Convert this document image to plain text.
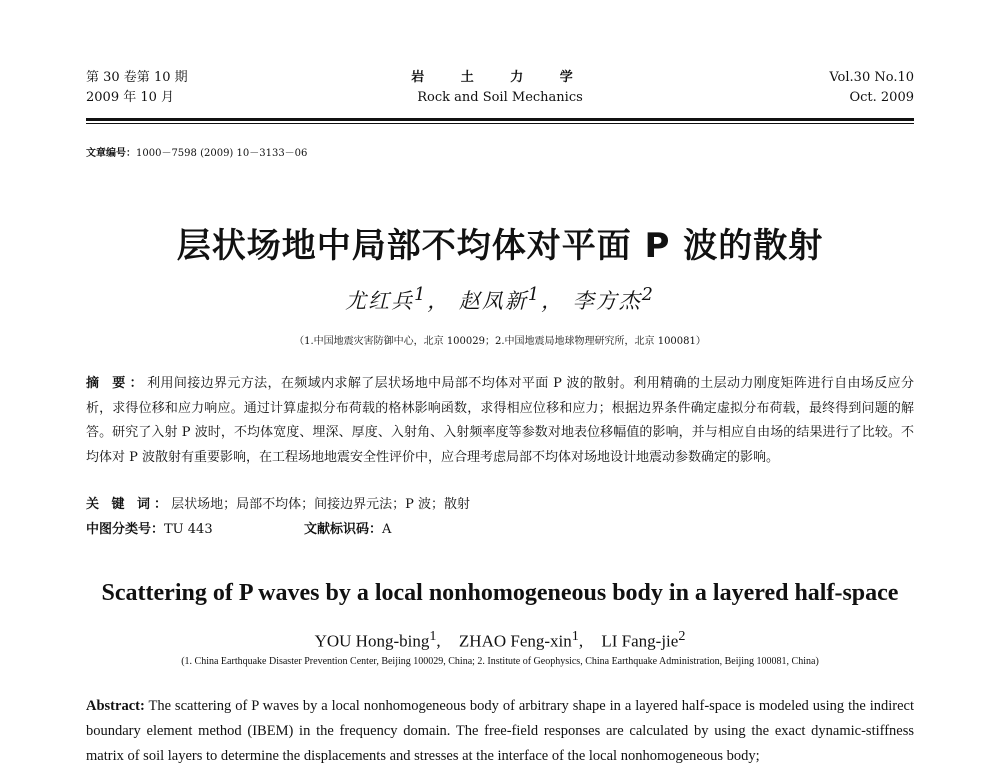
第 30 卷第 10 期
2009 年 10 月
岩 土 力 学
Rock and Soil Mechanics
Vol.30 No.10
Oct. 2009
文章编号：1000－7598 (2009) 10－3133－06
层状场地中局部不均体对平面 P 波的散射
尤红兵$^1$， 赵凤新$^1$， 李方杰$^2$
（1.中国地震灾害防御中心，北京 100029；2.中国地震局地球物理研究所，北京 100081）
摘 要：利用间接边界元方法，在频域内求解了层状场地中局部不均体对平面 P 波的散射。利用精确的土层动力刚度矩阵进行自由场反应分析，求得位移和应力响应。通过计算虚拟分布荷载的格林影响函数，求得相应位移和应力；根据边界条件确定虚拟分布荷载，最终得到问题的解答。研究了入射 P 波时，不均体宽度、埋深、厚度、入射角、入射频率度等参数对地表位移幅值的影响，并与相应自由场的结果进行了比较。不均体对 P 波散射有重要影响，在工程场地地震安全性评价中，应合理考虑局部不均体对场地设计地震动参数确定的影响。
关 键 词：层状场地；局部不均体；间接边界元法；P 波；散射
中图分类号：TU 443	文献标识码：A
Scattering of P waves by a local nonhomogeneous body in a layered half-space
YOU Hong-bing$^1$, ZHAO Feng-xin$^1$, LI Fang-jie$^2$
(1. China Earthquake Disaster Prevention Center, Beijing 100029, China; 2. Institute of Geophysics, China Earthquake Administration, Beijing 100081, China)
Abstract: The scattering of P waves by a local nonhomogeneous body of arbitrary shape in a layered half-space is modeled using the indirect boundary element method (IBEM) in the frequency domain. The free-field responses are calculated by using the exact dynamic-stiffness matrix of soil layers to determine the displacements and stresses at the interface of the local nonhomogeneous body;
